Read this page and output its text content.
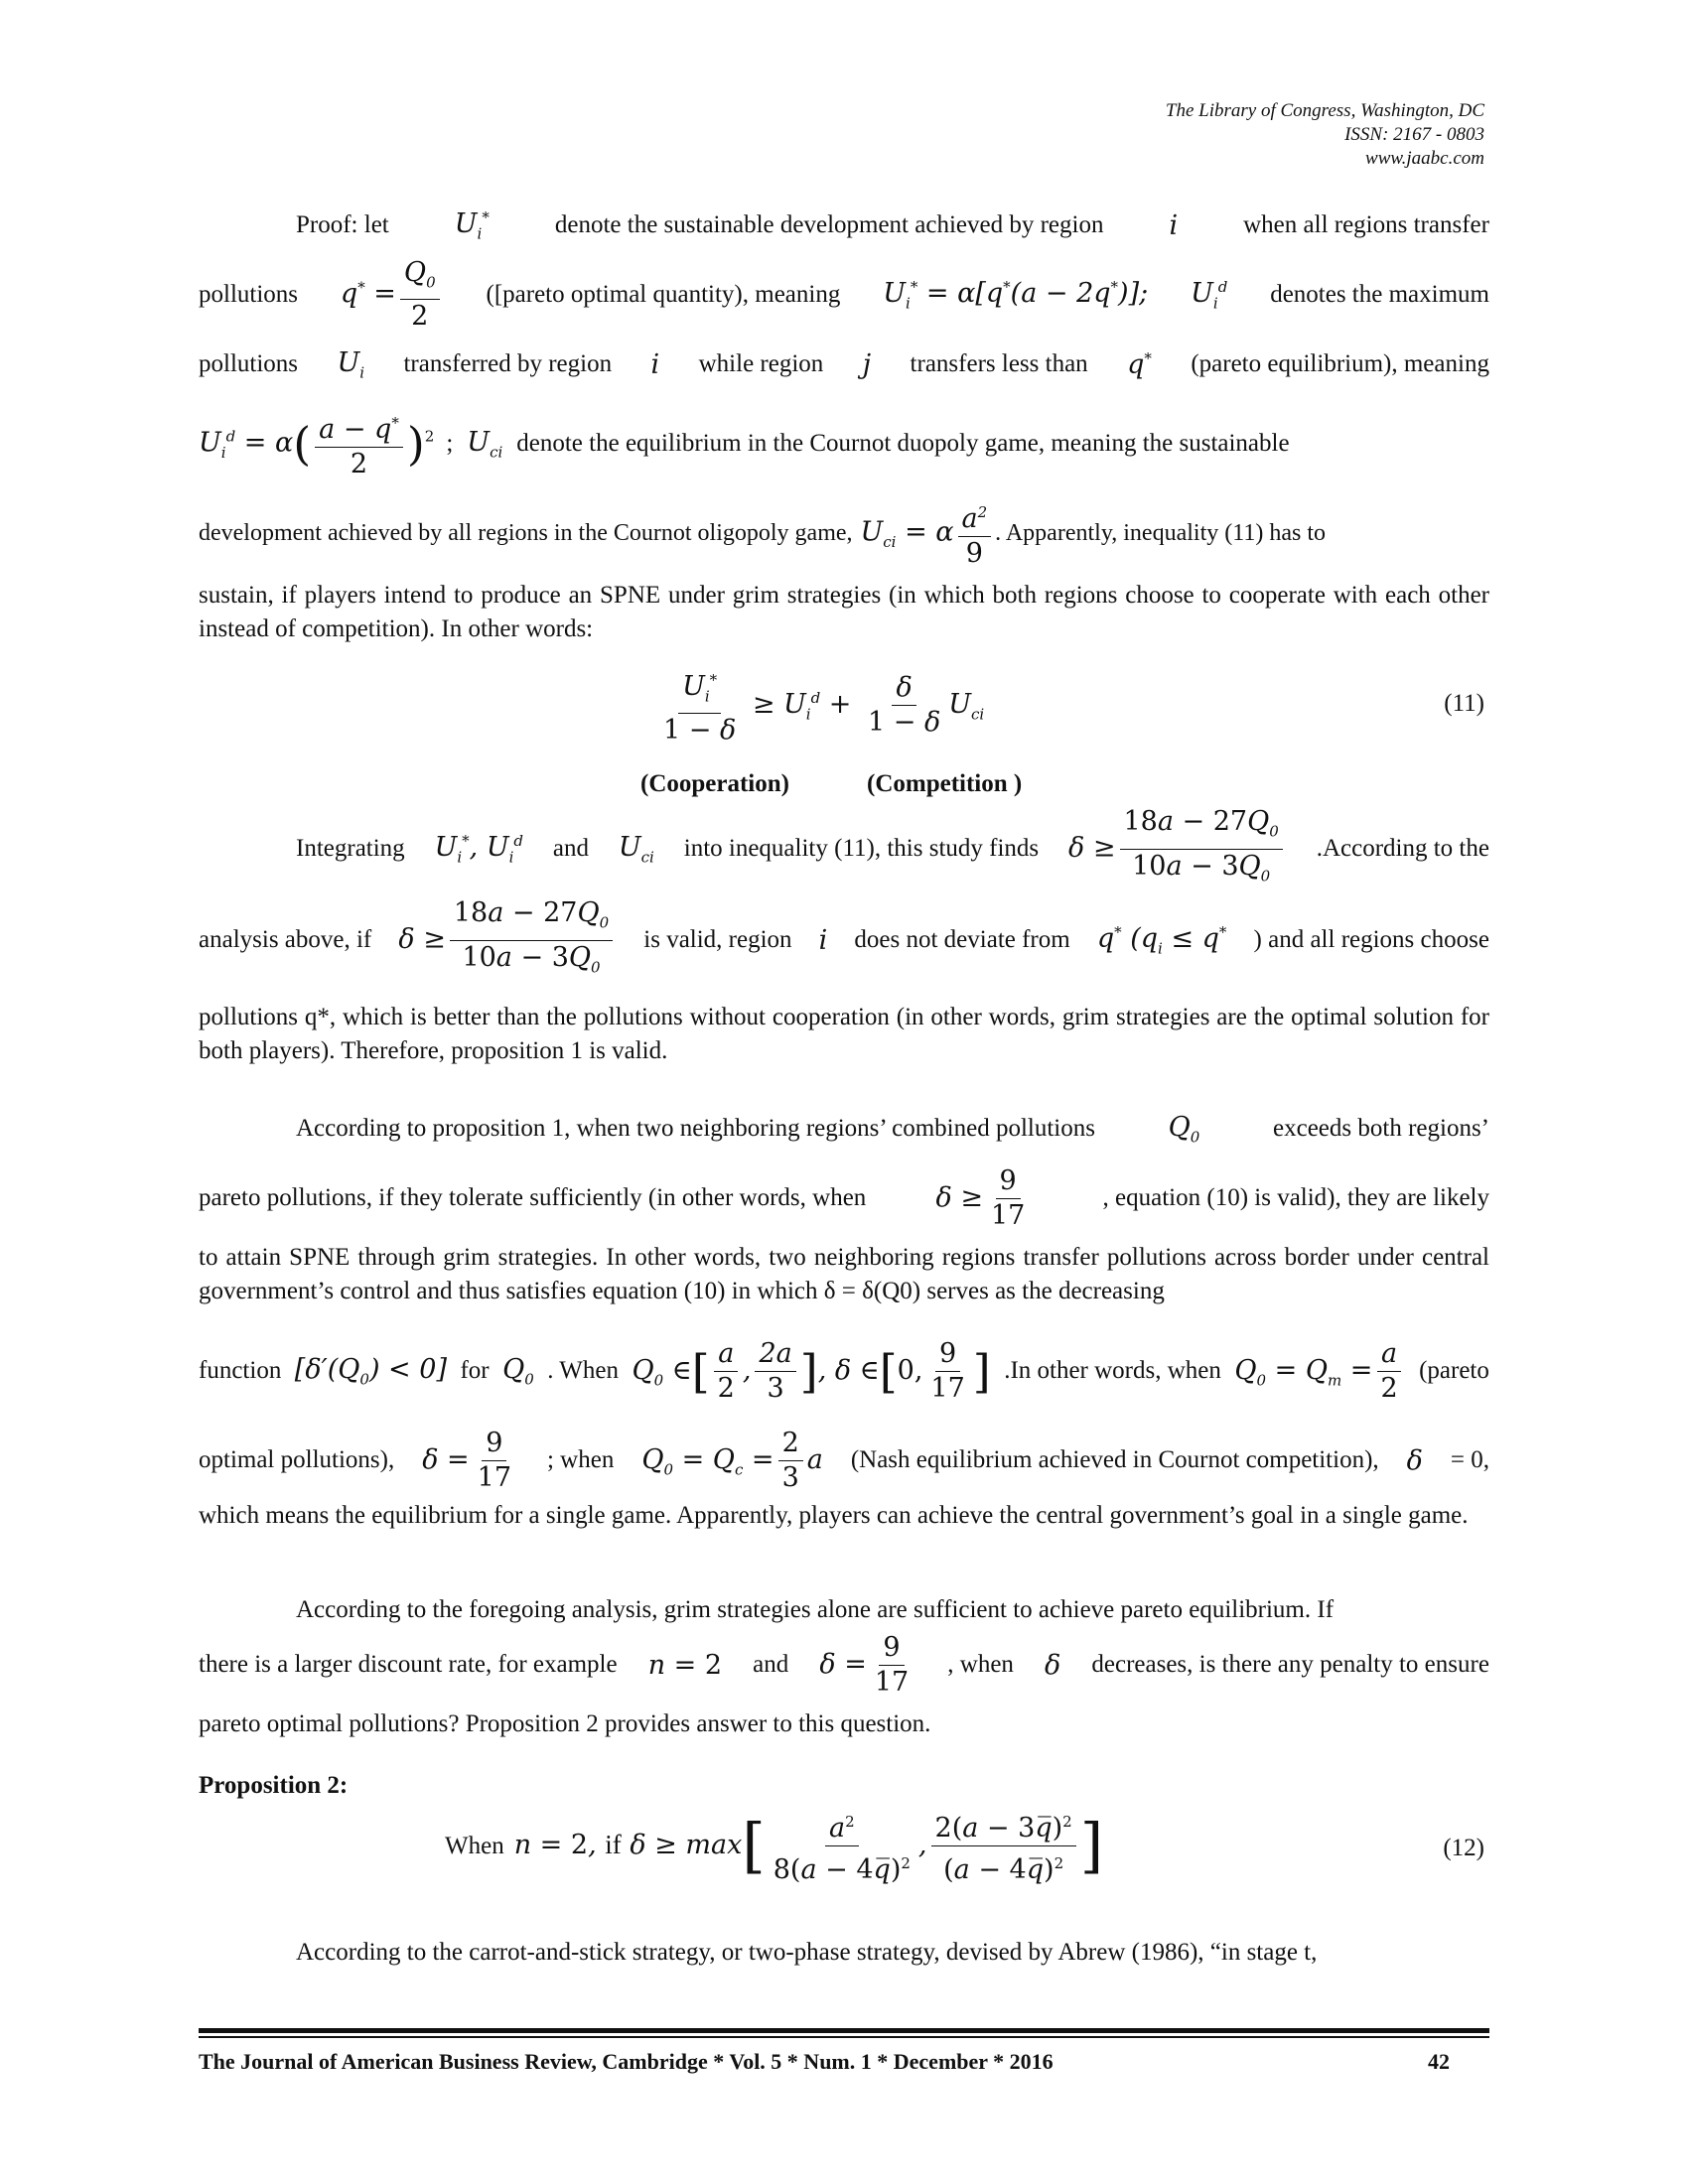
The Library of Congress, Washington, DC
ISSN: 2167 - 0803
www.jaabc.com
Proof: let $U_i^*$	denote the sustainable development achieved by region i	when all regions transfer
pollutions $q^* = \frac{Q_0}{2}$ ([pareto optimal quantity), meaning $U_i^* = \alpha[q^*(a - 2q^*)]$; $U_i^d$ denotes the maximum
pollutions $U_i$ transferred by region i while region j transfers less than q* (pareto equilibrium), meaning
$U_i^d = \alpha( \frac{a - q^*}{2} )^2$ ; $U_{ci}$ denote the equilibrium in the Cournot duopoly game, meaning the sustainable
development achieved by all regions in the Cournot oligopoly game, $U_{ci} = \alpha \frac{a^2}{9}$ . Apparently, inequality (11) has to
sustain, if players intend to produce an SPNE under grim strategies (in which both regions choose to cooperate with each other instead of competition). In other words:
$\frac{U_i^*}{1 - \delta} \ge U_i^d + \frac{\delta}{1 - \delta} U_{ci}$	(11)
(Cooperation)	(Competition )
Integrating $U_i^*$, $U_i^d$ and $U_{ci}$ into inequality (11), this study finds $\delta \ge \frac{18a - 27Q_0}{10a - 3Q_0}$ .According to the
analysis above, if $\delta \ge \frac{18a - 27Q_0}{10a - 3Q_0}$ is valid, region i does not deviate from q* ($q_i \le q^*$ ) and all regions choose
pollutions q*, which is better than the pollutions without cooperation (in other words, grim strategies are the optimal solution for both players). Therefore, proposition 1 is valid.
According to proposition 1, when two neighboring regions’ combined pollutions	$Q_0$	exceeds both regions’
pareto pollutions, if they tolerate sufficiently (in other words, when	$\delta \ge \frac{9}{17}$	, equation (10) is valid), they are likely
to attain SPNE through grim strategies. In other words, two neighboring regions transfer pollutions across border under central government’s control and thus satisfies equation (10) in which δ = δ(Q0) serves as the decreasing
function $[\delta'(Q_0) < 0]$ for $Q_0$ . When $Q_0$ ∈[ $\frac{a}{2}$ , $\frac{2a}{3}$ ], δ ∈[0, $\frac{9}{17}$ ] .In other words, when $Q_0 = Q_m = \frac{a}{2}$ (pareto
optimal pollutions), $\delta = \frac{9}{17}$ ; when $Q_0 = Q_c = \frac{2}{3}$ a (Nash equilibrium achieved in Cournot competition), δ = 0,
which means the equilibrium for a single game. Apparently, players can achieve the central government’s goal in a single game.
According to the foregoing analysis, grim strategies alone are sufficient to achieve pareto equilibrium. If
there is a larger discount rate, for example n = 2 and $\delta = \frac{9}{17}$ , when δ decreases, is there any penalty to ensure
pareto optimal pollutions? Proposition 2 provides answer to this question.
Proposition 2:
When n = 2, if $\delta \ge \max[ \frac{a^2}{8(a - 4q̅)^2}$ , $\frac{2(a - 3q̅)^2}{(a - 4q̅)^2}$ ]	(12)
According to the carrot-and-stick strategy, or two-phase strategy, devised by Abrew (1986), “in stage t,
The Journal of American Business Review, Cambridge * Vol. 5 * Num. 1 * December * 2016	42
